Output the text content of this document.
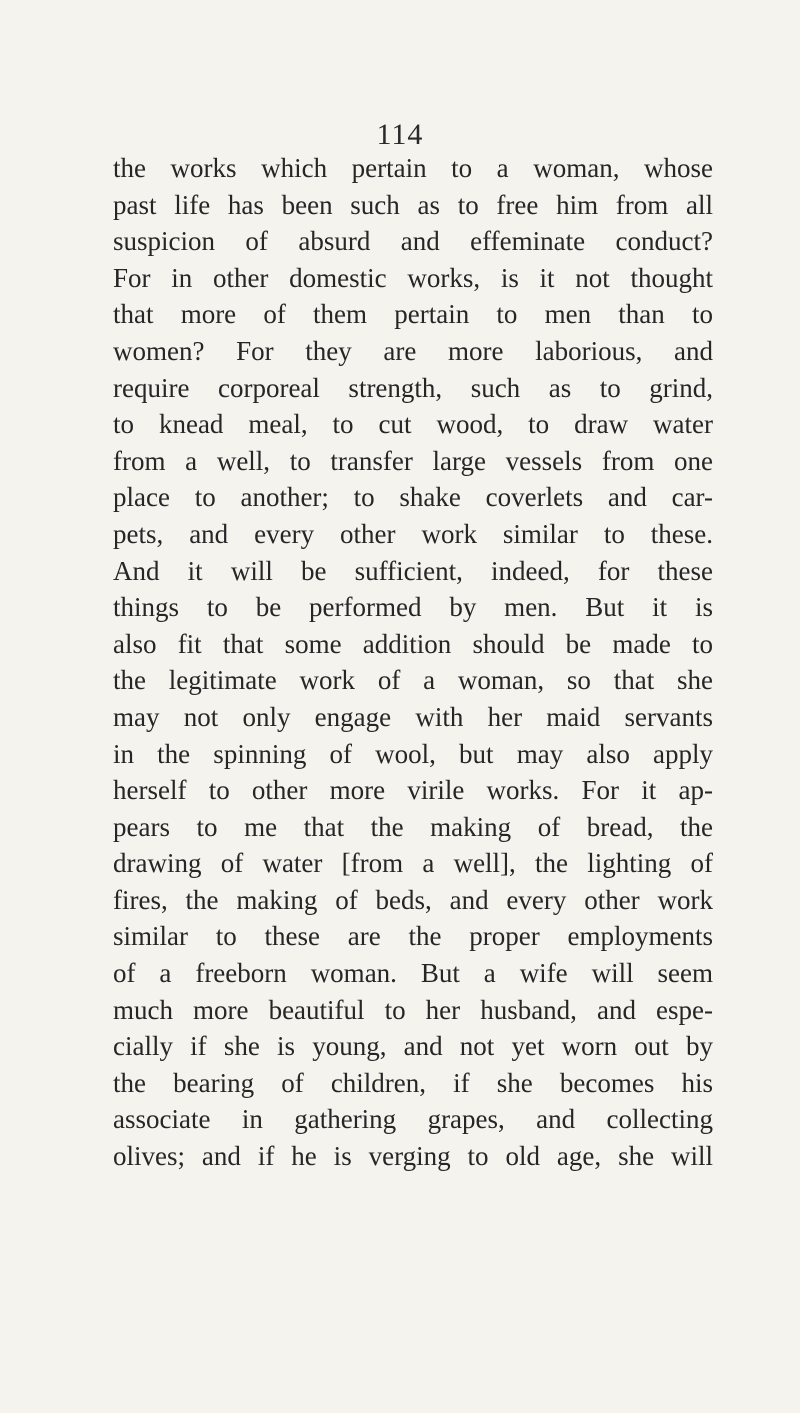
114
the works which pertain to a woman, whose
past life has been such as to free him from all
suspicion of absurd and effeminate conduct?
For in other domestic works, is it not thought
that more of them pertain to men than to
women? For they are more laborious, and
require corporeal strength, such as to grind,
to knead meal, to cut wood, to draw water
from a well, to transfer large vessels from one
place to another; to shake coverlets and car-
pets, and every other work similar to these.
And it will be sufficient, indeed, for these
things to be performed by men. But it is
also fit that some addition should be made to
the legitimate work of a woman, so that she
may not only engage with her maid servants
in the spinning of wool, but may also apply
herself to other more virile works. For it ap-
pears to me that the making of bread, the
drawing of water [from a well], the lighting of
fires, the making of beds, and every other work
similar to these are the proper employments
of a freeborn woman. But a wife will seem
much more beautiful to her husband, and espe-
cially if she is young, and not yet worn out by
the bearing of children, if she becomes his
associate in gathering grapes, and collecting
olives; and if he is verging to old age, she will
